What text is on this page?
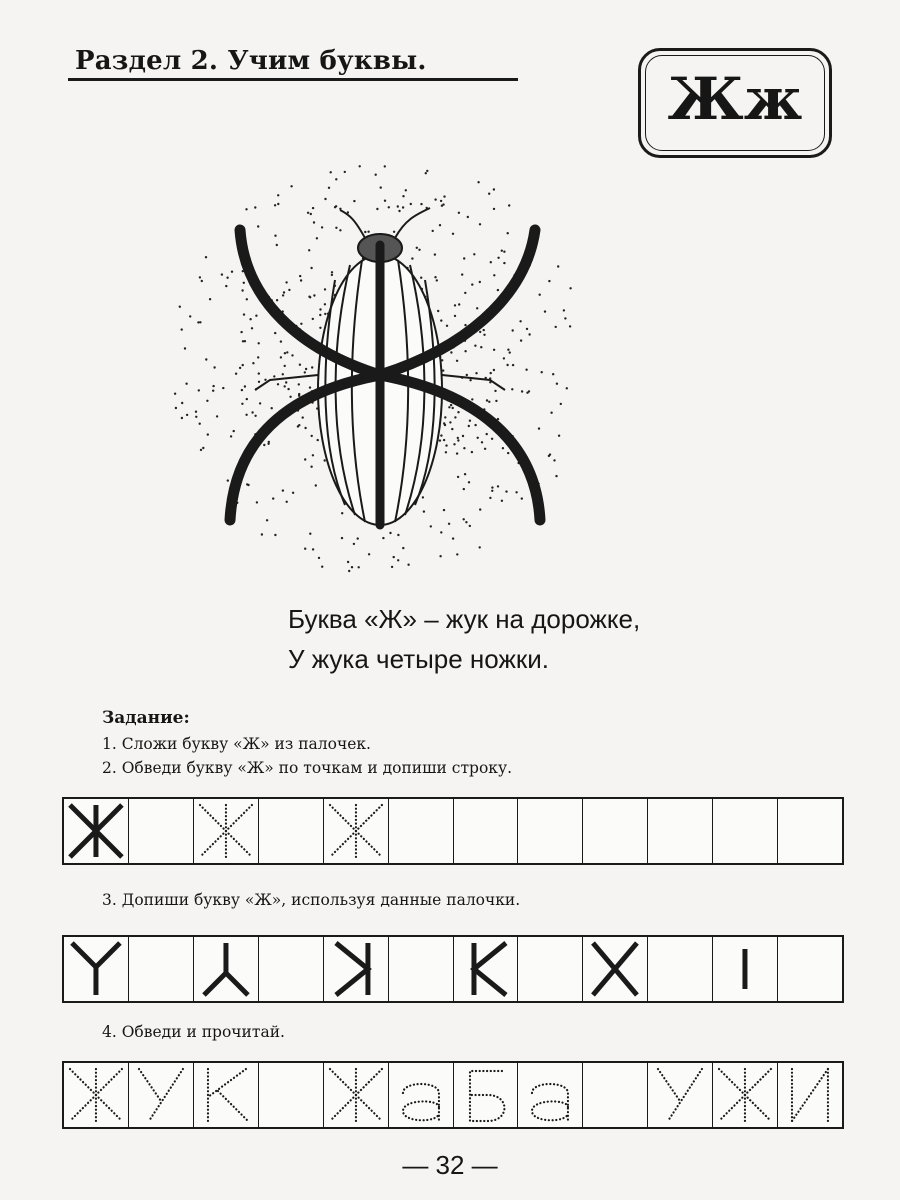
Раздел 2. Учим буквы.
Жж
Буква «Ж» – жук на дорожке,
У жука четыре ножки.
Задание:
1. Сложи букву «Ж» из палочек.
2. Обведи букву «Ж» по точкам и допиши строку.
3. Допиши букву «Ж», используя данные палочки.
4. Обведи и прочитай.
— 32 —
